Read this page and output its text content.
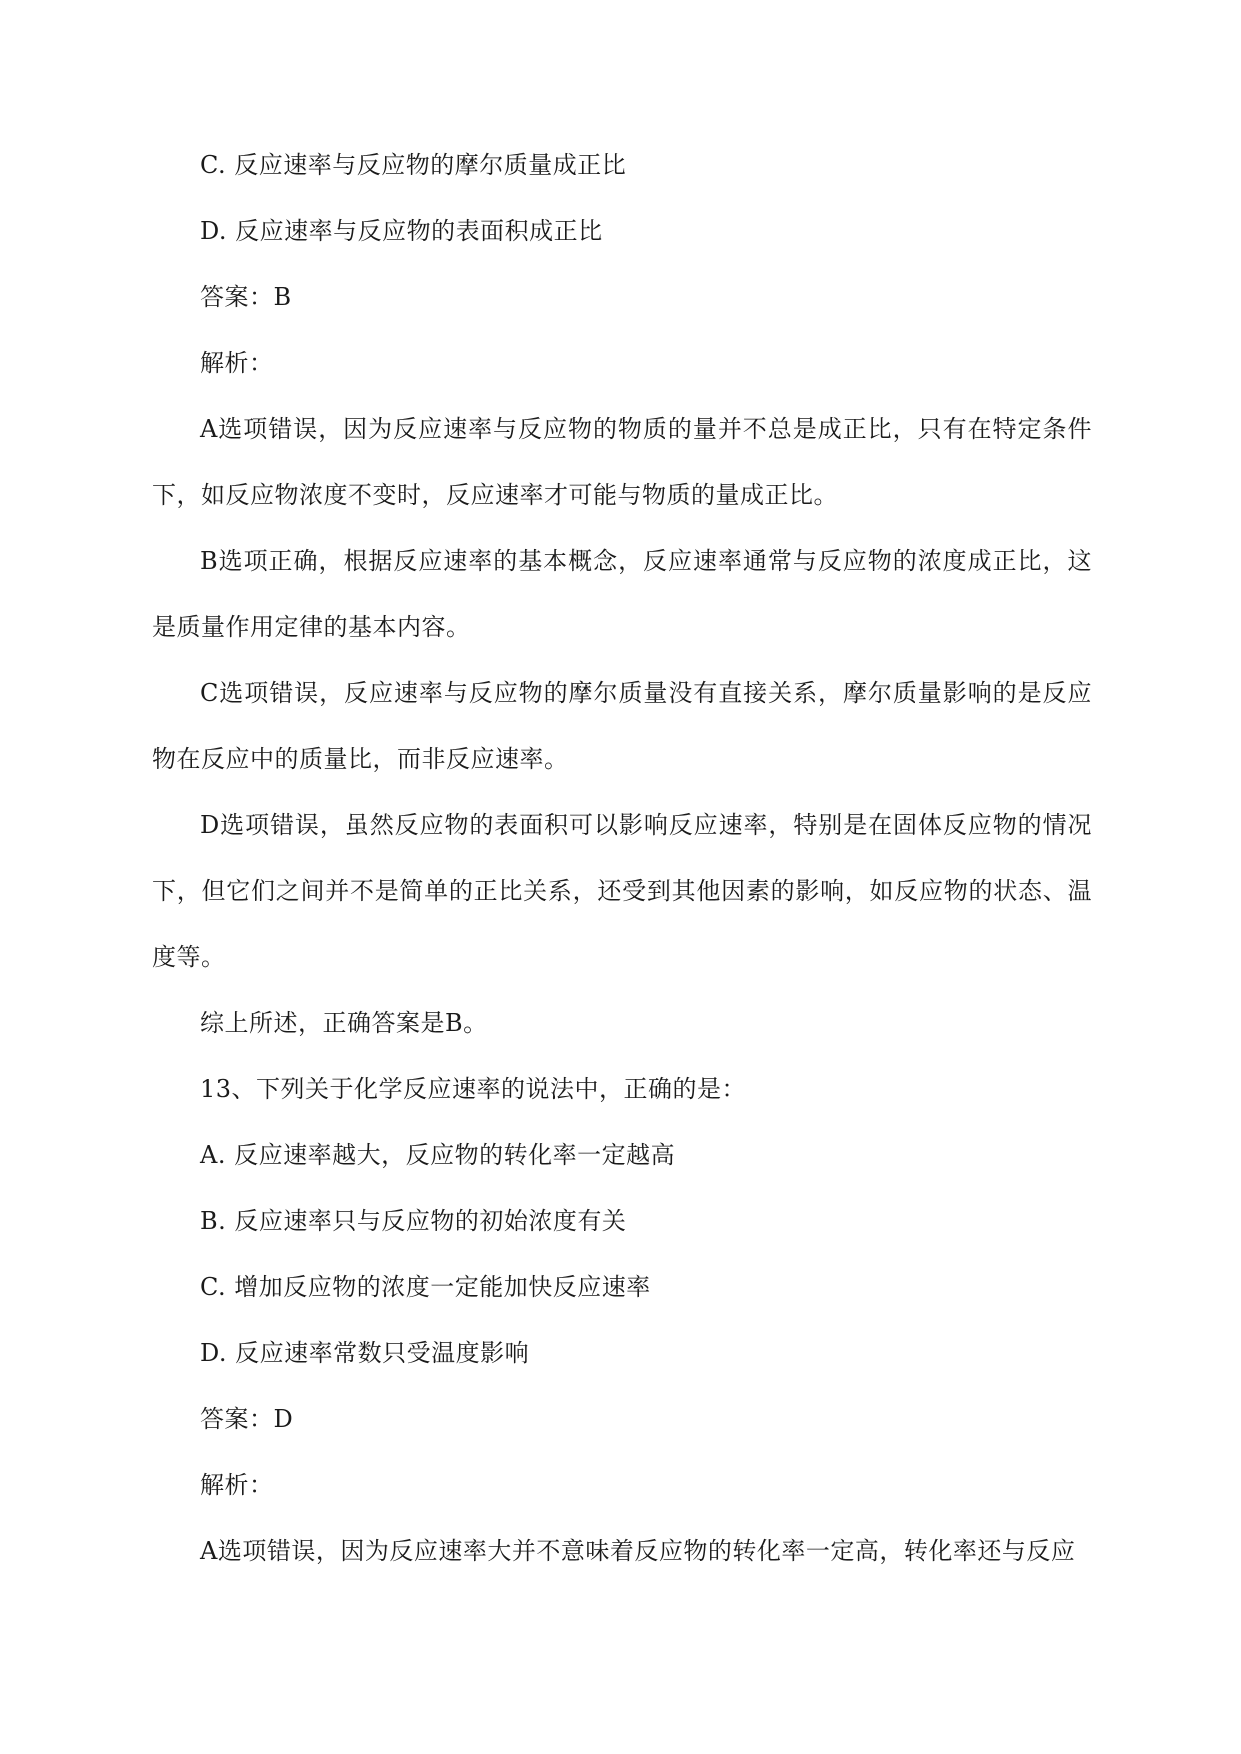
C. 反应速率与反应物的摩尔质量成正比
D. 反应速率与反应物的表面积成正比
答案：B
解析：
A选项错误，因为反应速率与反应物的物质的量并不总是成正比，只有在特定条件下，如反应物浓度不变时，反应速率才可能与物质的量成正比。
B选项正确，根据反应速率的基本概念，反应速率通常与反应物的浓度成正比，这是质量作用定律的基本内容。
C选项错误，反应速率与反应物的摩尔质量没有直接关系，摩尔质量影响的是反应物在反应中的质量比，而非反应速率。
D选项错误，虽然反应物的表面积可以影响反应速率，特别是在固体反应物的情况下，但它们之间并不是简单的正比关系，还受到其他因素的影响，如反应物的状态、温度等。
综上所述，正确答案是B。
13、下列关于化学反应速率的说法中，正确的是：
A. 反应速率越大，反应物的转化率一定越高
B. 反应速率只与反应物的初始浓度有关
C. 增加反应物的浓度一定能加快反应速率
D. 反应速率常数只受温度影响
答案：D
解析：
A选项错误，因为反应速率大并不意味着反应物的转化率一定高，转化率还与反应
